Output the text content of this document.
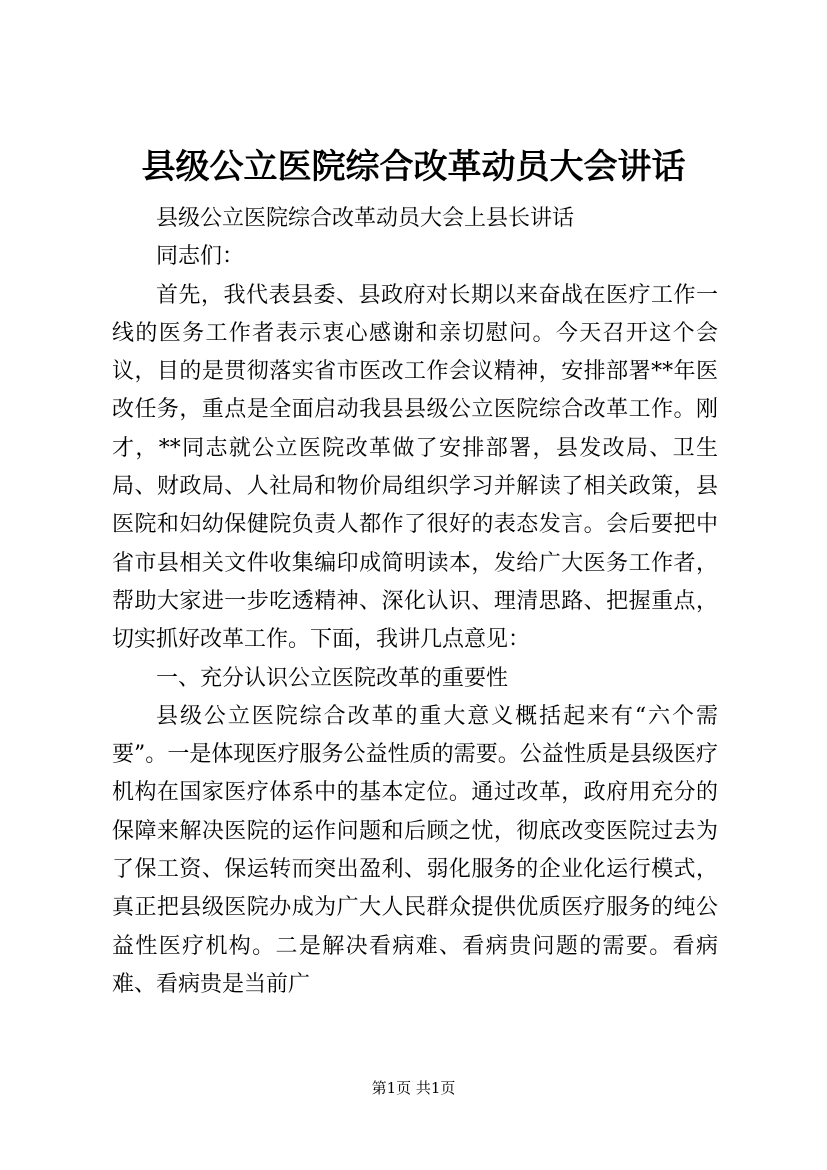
县级公立医院综合改革动员大会讲话

县级公立医院综合改革动员大会上县长讲话

同志们：

首先，我代表县委、县政府对长期以来奋战在医疗工作一线的医务工作者表示衷心感谢和亲切慰问。今天召开这个会议，目的是贯彻落实省市医改工作会议精神，安排部署**年医改任务，重点是全面启动我县县级公立医院综合改革工作。刚才，**同志就公立医院改革做了安排部署，县发改局、卫生局、财政局、人社局和物价局组织学习并解读了相关政策，县医院和妇幼保健院负责人都作了很好的表态发言。会后要把中省市县相关文件收集编印成简明读本，发给广大医务工作者，帮助大家进一步吃透精神、深化认识、理清思路、把握重点，切实抓好改革工作。下面，我讲几点意见：

一、充分认识公立医院改革的重要性

县级公立医院综合改革的重大意义概括起来有“六个需要”。一是体现医疗服务公益性质的需要。公益性质是县级医疗机构在国家医疗体系中的基本定位。通过改革，政府用充分的保障来解决医院的运作问题和后顾之忧，彻底改变医院过去为了保工资、保运转而突出盈利、弱化服务的企业化运行模式，真正把县级医院办成为广大人民群众提供优质医疗服务的纯公益性医疗机构。二是解决看病难、看病贵问题的需要。看病难、看病贵是当前广

第1页 共1页
